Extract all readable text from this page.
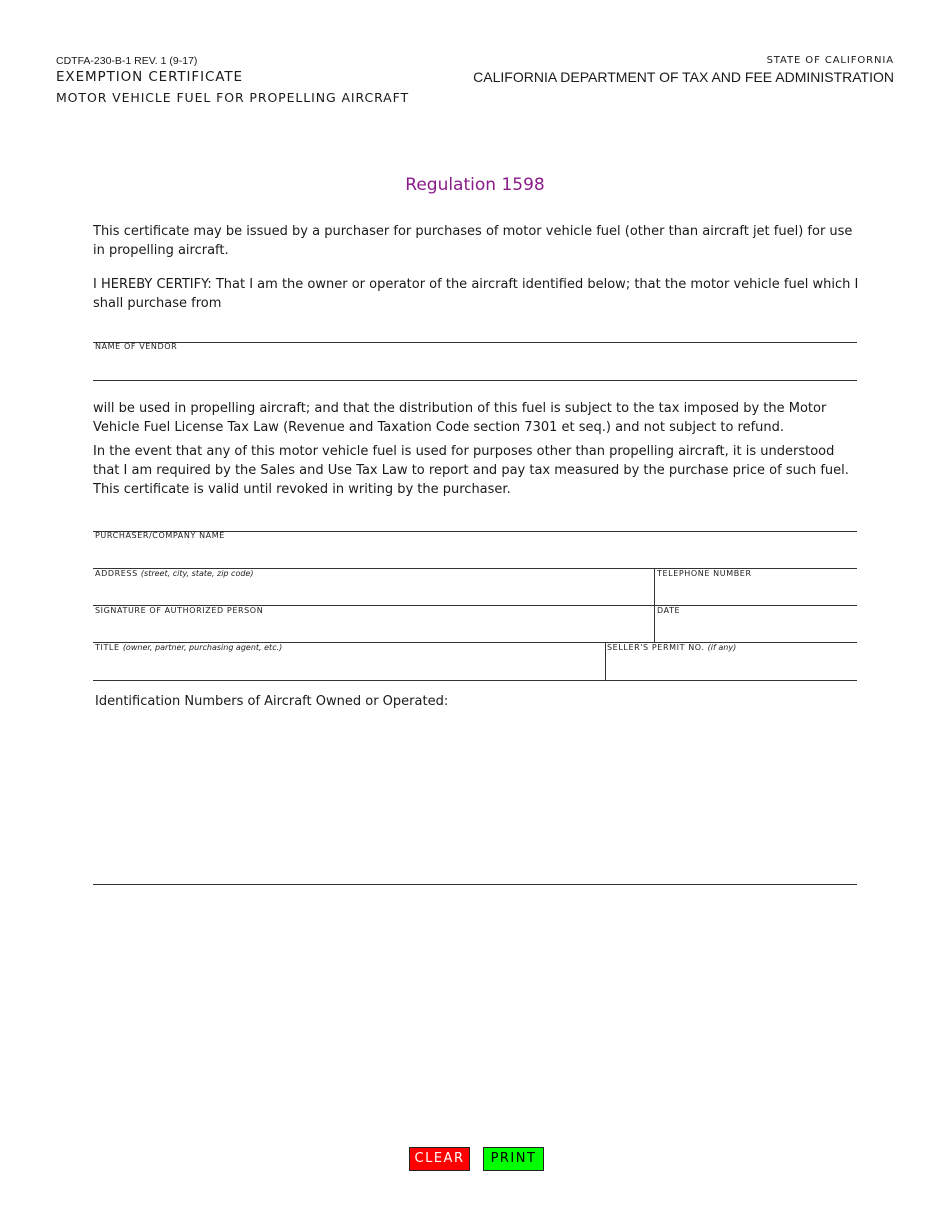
CDTFA-230-B-1 REV. 1 (9-17)
EXEMPTION CERTIFICATE
MOTOR VEHICLE FUEL FOR PROPELLING AIRCRAFT
STATE OF CALIFORNIA
CALIFORNIA DEPARTMENT OF TAX AND FEE ADMINISTRATION
Regulation 1598
This certificate may be issued by a purchaser for purchases of motor vehicle fuel (other than aircraft jet fuel) for use in propelling aircraft.
I HEREBY CERTIFY: That I am the owner or operator of the aircraft identified below; that the motor vehicle fuel which I shall purchase from
NAME OF VENDOR
will be used in propelling aircraft; and that the distribution of this fuel is subject to the tax imposed by the Motor Vehicle Fuel License Tax Law (Revenue and Taxation Code section 7301 et seq.) and not subject to refund.
In the event that any of this motor vehicle fuel is used for purposes other than propelling aircraft, it is understood that I am required by the Sales and Use Tax Law to report and pay tax measured by the purchase price of such fuel. This certificate is valid until revoked in writing by the purchaser.
PURCHASER/COMPANY NAME
ADDRESS (street, city, state, zip code)	TELEPHONE NUMBER
SIGNATURE OF AUTHORIZED PERSON	DATE
TITLE (owner, partner, purchasing agent, etc.)	SELLER'S PERMIT NO. (if any)
Identification Numbers of Aircraft Owned or Operated:
CLEAR	PRINT
